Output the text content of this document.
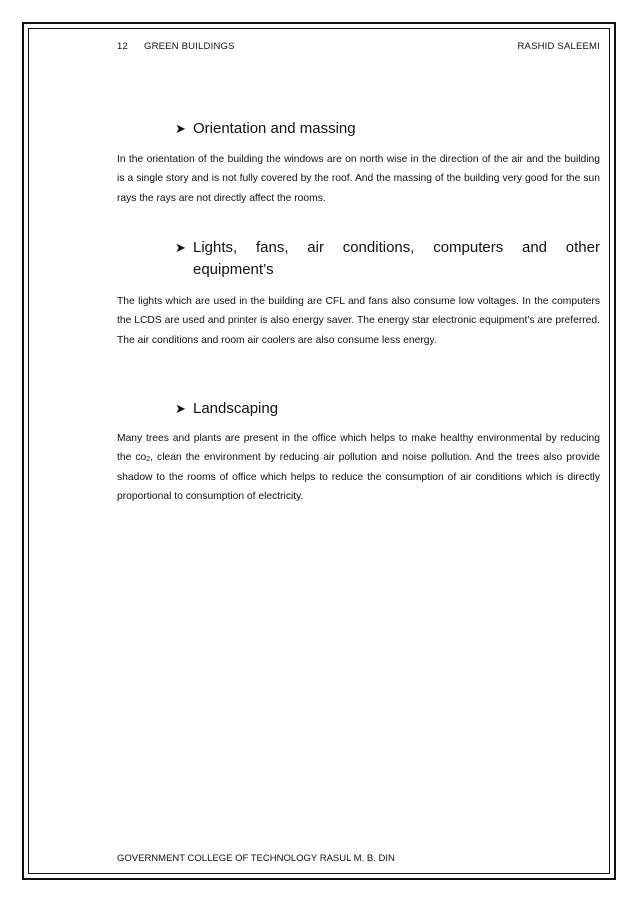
12 GREEN BUILDINGS	RASHID SALEEMI
➤ Orientation and massing

In the orientation of the building the windows are on north wise in the direction of the air and the building is a single story and is not fully covered by the roof. And the massing of the building very good for the sun rays the rays are not directly affect the rooms.

➤ Lights, fans, air conditions, computers and other
equipment’s

The lights which are used in the building are CFL and fans also consume low voltages. In the computers the LCDS are used and printer is also energy saver. The energy star electronic equipment’s are preferred. The air conditions and room air coolers are also consume less energy.

➤ Landscaping

Many trees and plants are present in the office which helps to make healthy environmental by reducing the $co_2$, clean the environment by reducing air pollution and noise pollution. And the trees also provide shadow to the rooms of office which helps to reduce the consumption of air conditions which is directly proportional to consumption of electricity.

GOVERNMENT COLLEGE OF TECHNOLOGY RASUL M. B. DIN
